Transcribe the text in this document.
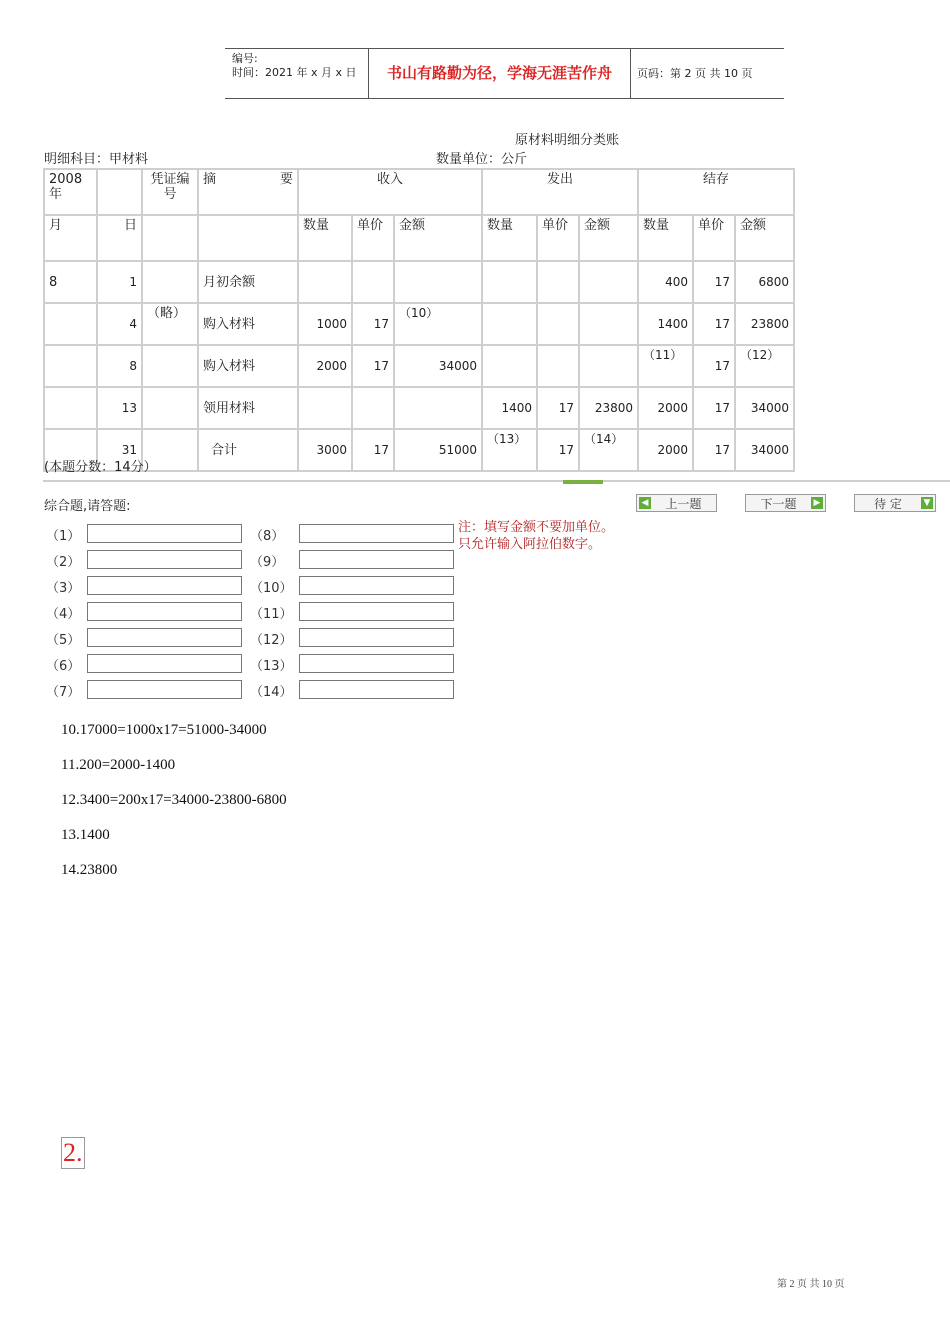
编号:
时间：2021 年 x 月 x 日	书山有路勤为径，学海无涯苦作舟	页码：第 2 页 共 10 页
原材料明细分类账
明细科目：甲材料	数量单位：公斤
2008 年		凭证编号	摘 要	收入			发出			结存		
月	日			数量	单价	金额	数量	单价	金额	数量	单价	金额
8	1		月初余额							400	17	6800
	4	（略）	购入材料	1000	17	（10）				1400	17	23800
	8		购入材料	2000	17	34000				（11）	17	（12）
	13		领用材料				1400	17	23800	2000	17	34000
	31		合计	3000	17	51000	（13）	17	（14）	2000	17	34000
(本题分数：14分）
综合题,请答题:	◀ 上一题	下一题 ▶	待 定 ▼
注：填写金额不要加单位。
只允许输入阿拉伯数字。
（1）
（2）
（3）
（4）
（5）
（6）
（7）
（8）
（9）
（10）
（11）
（12）
（13）
（14）
10.17000=1000x17=51000-34000
11.200=2000-1400
12.3400=200x17=34000-23800-6800
13.1400
14.23800
2.
第 2 页 共 10 页
